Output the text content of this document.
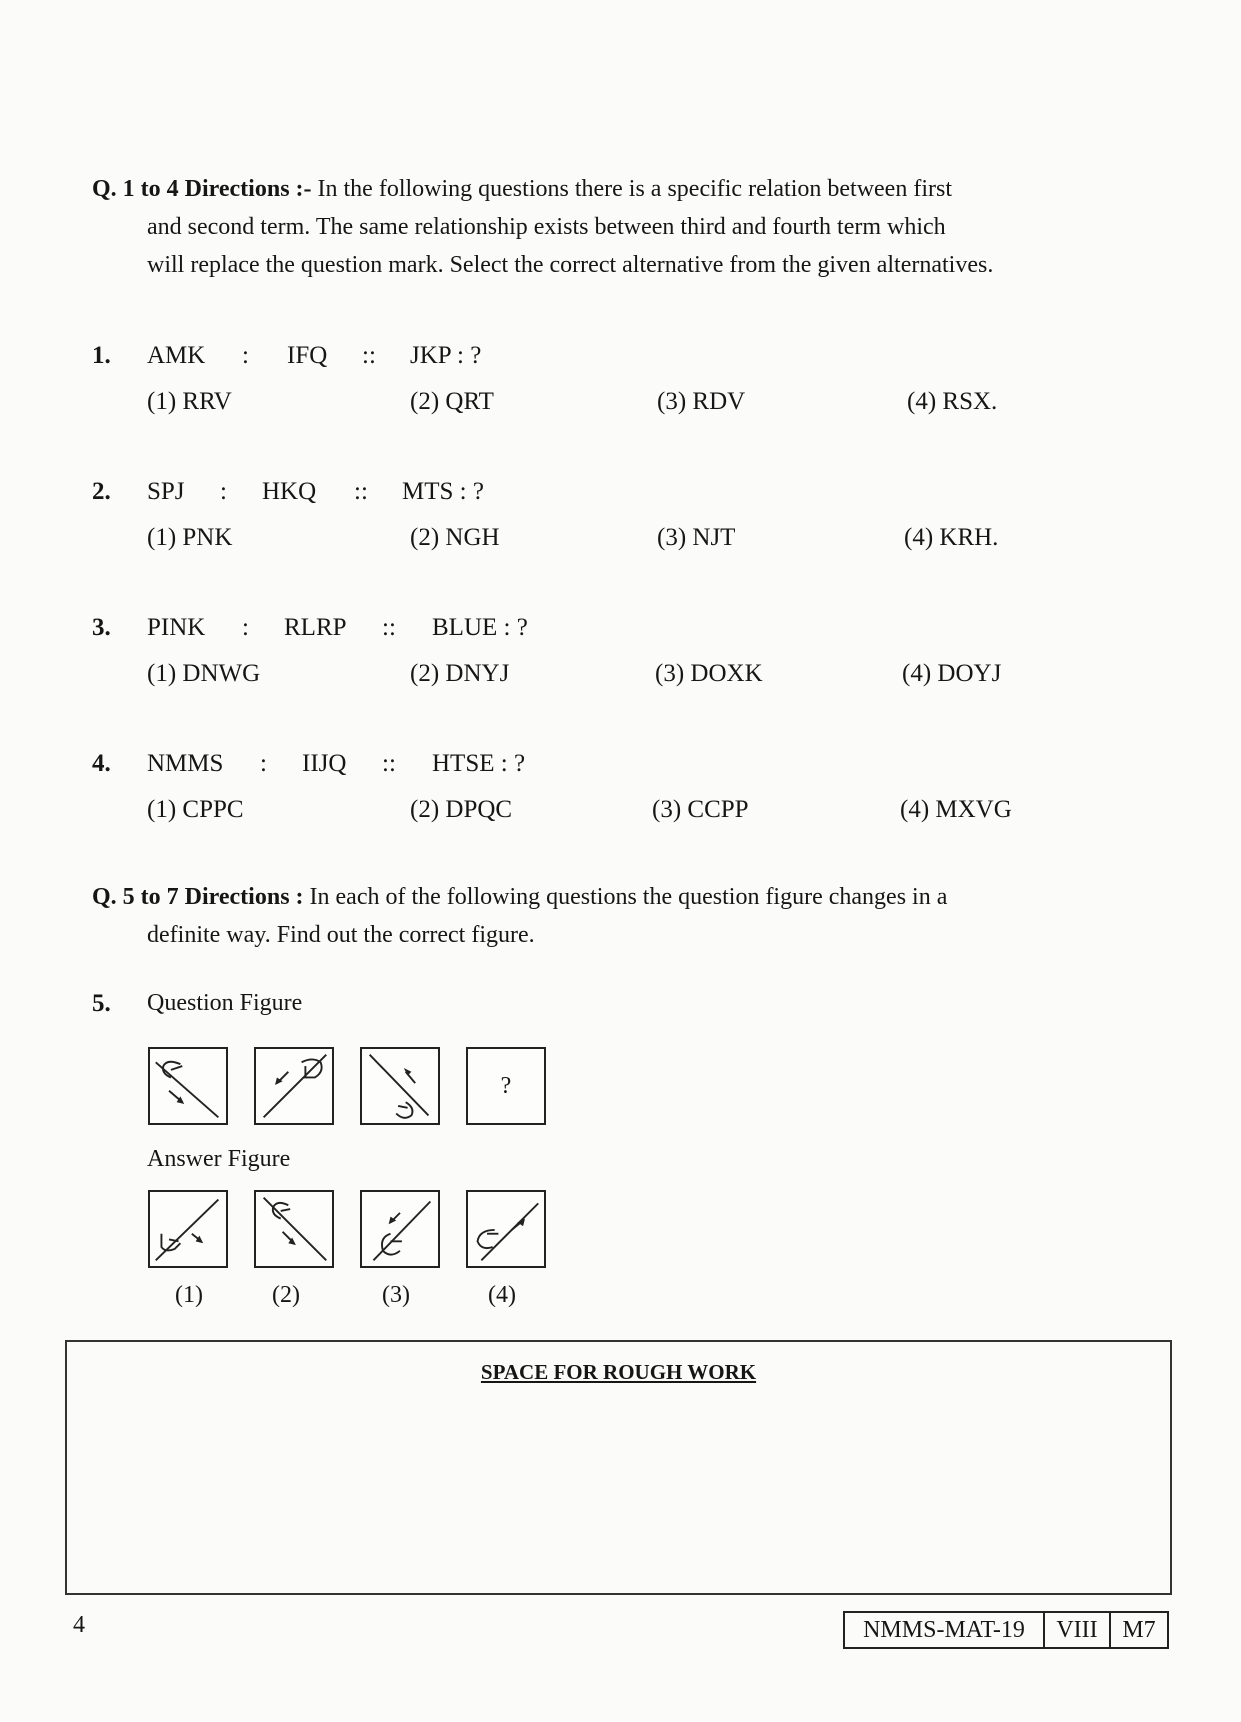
Q. 1 to 4 Directions :- In the following questions there is a specific relation between first
and second term. The same relationship exists between third and fourth term which
will replace the question mark. Select the correct alternative from the given alternatives.
1. AMK : IFQ :: JKP : ?
(1) RRV	(2) QRT	(3) RDV	(4) RSX.
2. SPJ : HKQ :: MTS : ?
(1) PNK	(2) NGH	(3) NJT	(4) KRH.
3. PINK : RLRP :: BLUE : ?
(1) DNWG	(2) DNYJ	(3) DOXK	(4) DOYJ
4. NMMS : IIJQ :: HTSE : ?
(1) CPPC	(2) DPQC	(3) CCPP	(4) MXVG
Q. 5 to 7 Directions : In each of the following questions the question figure changes in a
definite way. Find out the correct figure.
5. Question Figure
?
Answer Figure
(1)	(2)	(3)	(4)
SPACE FOR ROUGH WORK
4	NMMS-MAT-19	VIII	M7
